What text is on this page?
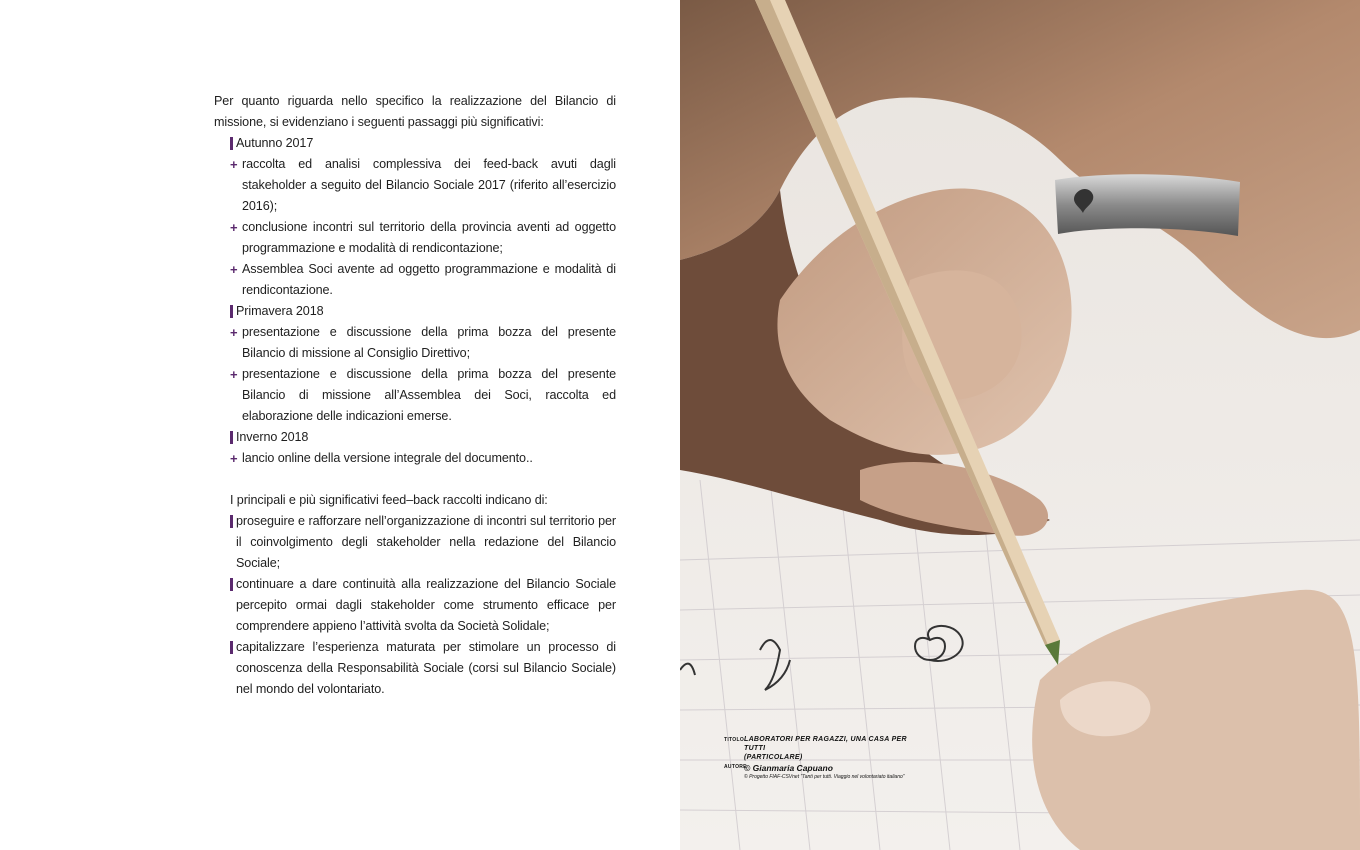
Per quanto riguarda nello specifico la realizzazione del Bilancio di missione, si evidenziano i seguenti passaggi più significativi:

Autunno 2017

+ raccolta ed analisi complessiva dei feed-back avuti dagli stakeholder a seguito del Bilancio Sociale 2017 (riferito all’esercizio 2016);

+ conclusione incontri sul territorio della provincia aventi ad oggetto programmazione e modalità di rendicontazione;

+ Assemblea Soci avente ad oggetto programmazione e modalità di rendicontazione.

Primavera 2018

+ presentazione e discussione della prima bozza del presente Bilancio di missione al Consiglio Direttivo;

+ presentazione e discussione della prima bozza del presente Bilancio di missione all’Assemblea dei Soci, raccolta ed elaborazione delle indicazioni emerse.

Inverno 2018

+ lancio online della versione integrale del documento..

I principali e più significativi feed–back raccolti indicano di:

proseguire e rafforzare nell’organizzazione di incontri sul territorio per il coinvolgimento degli stakeholder nella redazione del Bilancio Sociale;

continuare a dare continuità alla realizzazione del Bilancio Sociale percepito ormai dagli stakeholder come strumento efficace per comprendere appieno l’attività svolta da Società Solidale;

capitalizzare l’esperienza maturata per stimolare un processo di conoscenza della Responsabilità Sociale (corsi sul Bilancio Sociale) nel mondo del volontariato.

TITOLO LABORATORI PER RAGAZZI, UNA CASA PER TUTTI
(PARTICOLARE)
AUTORE
© Gianmaria Capuano
© Progetto FIAF-CSVnet “Tanti per tutti. Viaggio nel volontariato italiano”
